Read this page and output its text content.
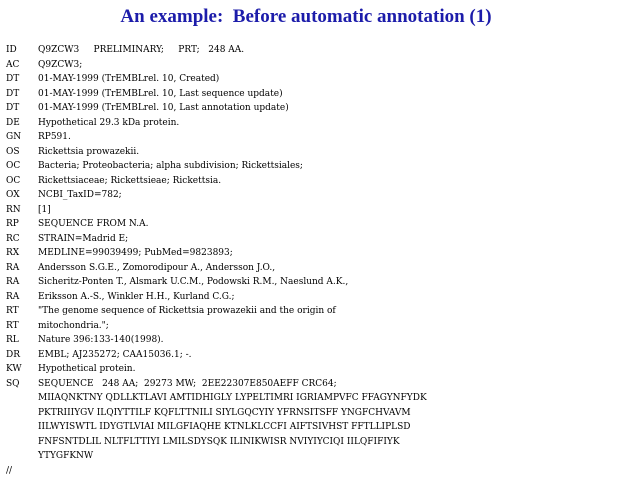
An example:  Before automatic annotation (1)
ID	Q9ZCW3     PRELIMINARY;     PRT;   248 AA.
AC	Q9ZCW3;
DT	01-MAY-1999 (TrEMBLrel. 10, Created)
DT	01-MAY-1999 (TrEMBLrel. 10, Last sequence update)
DT	01-MAY-1999 (TrEMBLrel. 10, Last annotation update)
DE	Hypothetical 29.3 kDa protein.
GN	RP591.
OS	Rickettsia prowazekii.
OC	Bacteria; Proteobacteria; alpha subdivision; Rickettsiales;
OC	Rickettsiaceae; Rickettsieae; Rickettsia.
OX	NCBI_TaxID=782;
RN	[1]
RP	SEQUENCE FROM N.A.
RC	STRAIN=Madrid E;
RX	MEDLINE=99039499; PubMed=9823893;
RA	Andersson S.G.E., Zomorodipour A., Andersson J.O.,
RA	Sicheritz-Ponten T., Alsmark U.C.M., Podowski R.M., Naeslund A.K.,
RA	Eriksson A.-S., Winkler H.H., Kurland C.G.;
RT	"The genome sequence of Rickettsia prowazekii and the origin of
RT	mitochondria.";
RL	Nature 396:133-140(1998).
DR	EMBL; AJ235272; CAA15036.1; -.
KW	Hypothetical protein.
SQ	SEQUENCE   248 AA;  29273 MW;  2EE22307E850AEFF CRC64;
MIIAQNKTNY QDLLKTLAVI AMTIDHIGLY LYPELTIMRI IGRIAMPVFC FFAGYNFYDK
PKTRIIIYGV ILQIYTTILF KQFLTTNILI SIYLGQCYIY YFRNSITSFF YNGFCHVAVM
IILWYISWTL IDYGTLVIAI MILGFIAQHE KTNLKLCCFI AIFTSIVHST FFTLLIPLSD
FNFSNTDLIL NLTFLTTIYI LMILSDYSQK ILINIKWISR NVIYIYCIQI IILQFIFIYK
YTYGFKNW
//
